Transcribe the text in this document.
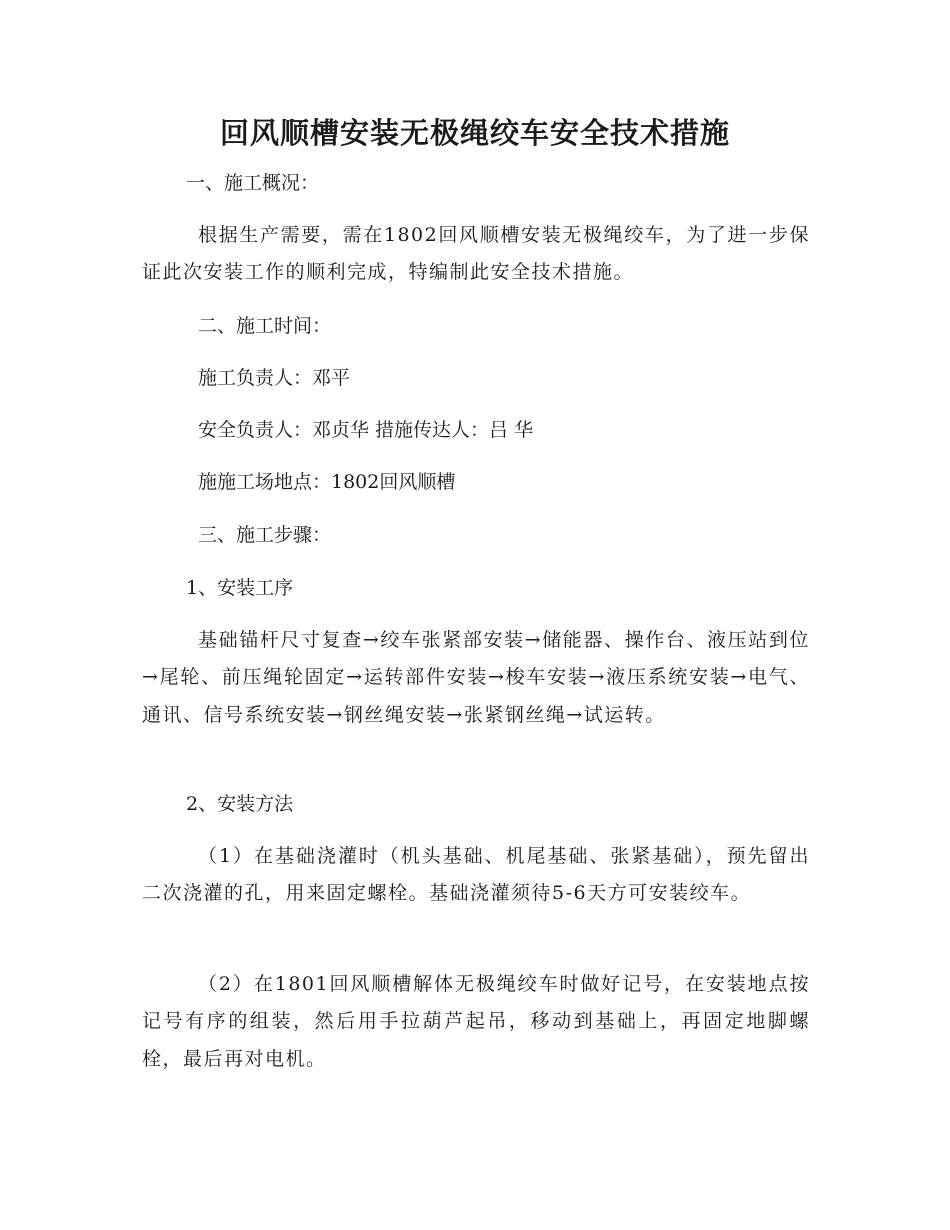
回风顺槽安装无极绳绞车安全技术措施
一、施工概况：
根据生产需要，需在1802回风顺槽安装无极绳绞车，为了进一步保证此次安装工作的顺利完成，特编制此安全技术措施。
二、施工时间：
施工负责人：邓平
安全负责人：邓贞华 措施传达人：吕 华
施施工场地点：1802回风顺槽
三、施工步骤：
1、安装工序
基础锚杆尺寸复查→绞车张紧部安装→储能器、操作台、液压站到位→尾轮、前压绳轮固定→运转部件安装→梭车安装→液压系统安装→电气、通讯、信号系统安装→钢丝绳安装→张紧钢丝绳→试运转。
2、安装方法
（1）在基础浇灌时（机头基础、机尾基础、张紧基础），预先留出二次浇灌的孔，用来固定螺栓。基础浇灌须待5-6天方可安装绞车。
（2）在1801回风顺槽解体无极绳绞车时做好记号，在安装地点按记号有序的组装，然后用手拉葫芦起吊，移动到基础上，再固定地脚螺栓，最后再对电机。
